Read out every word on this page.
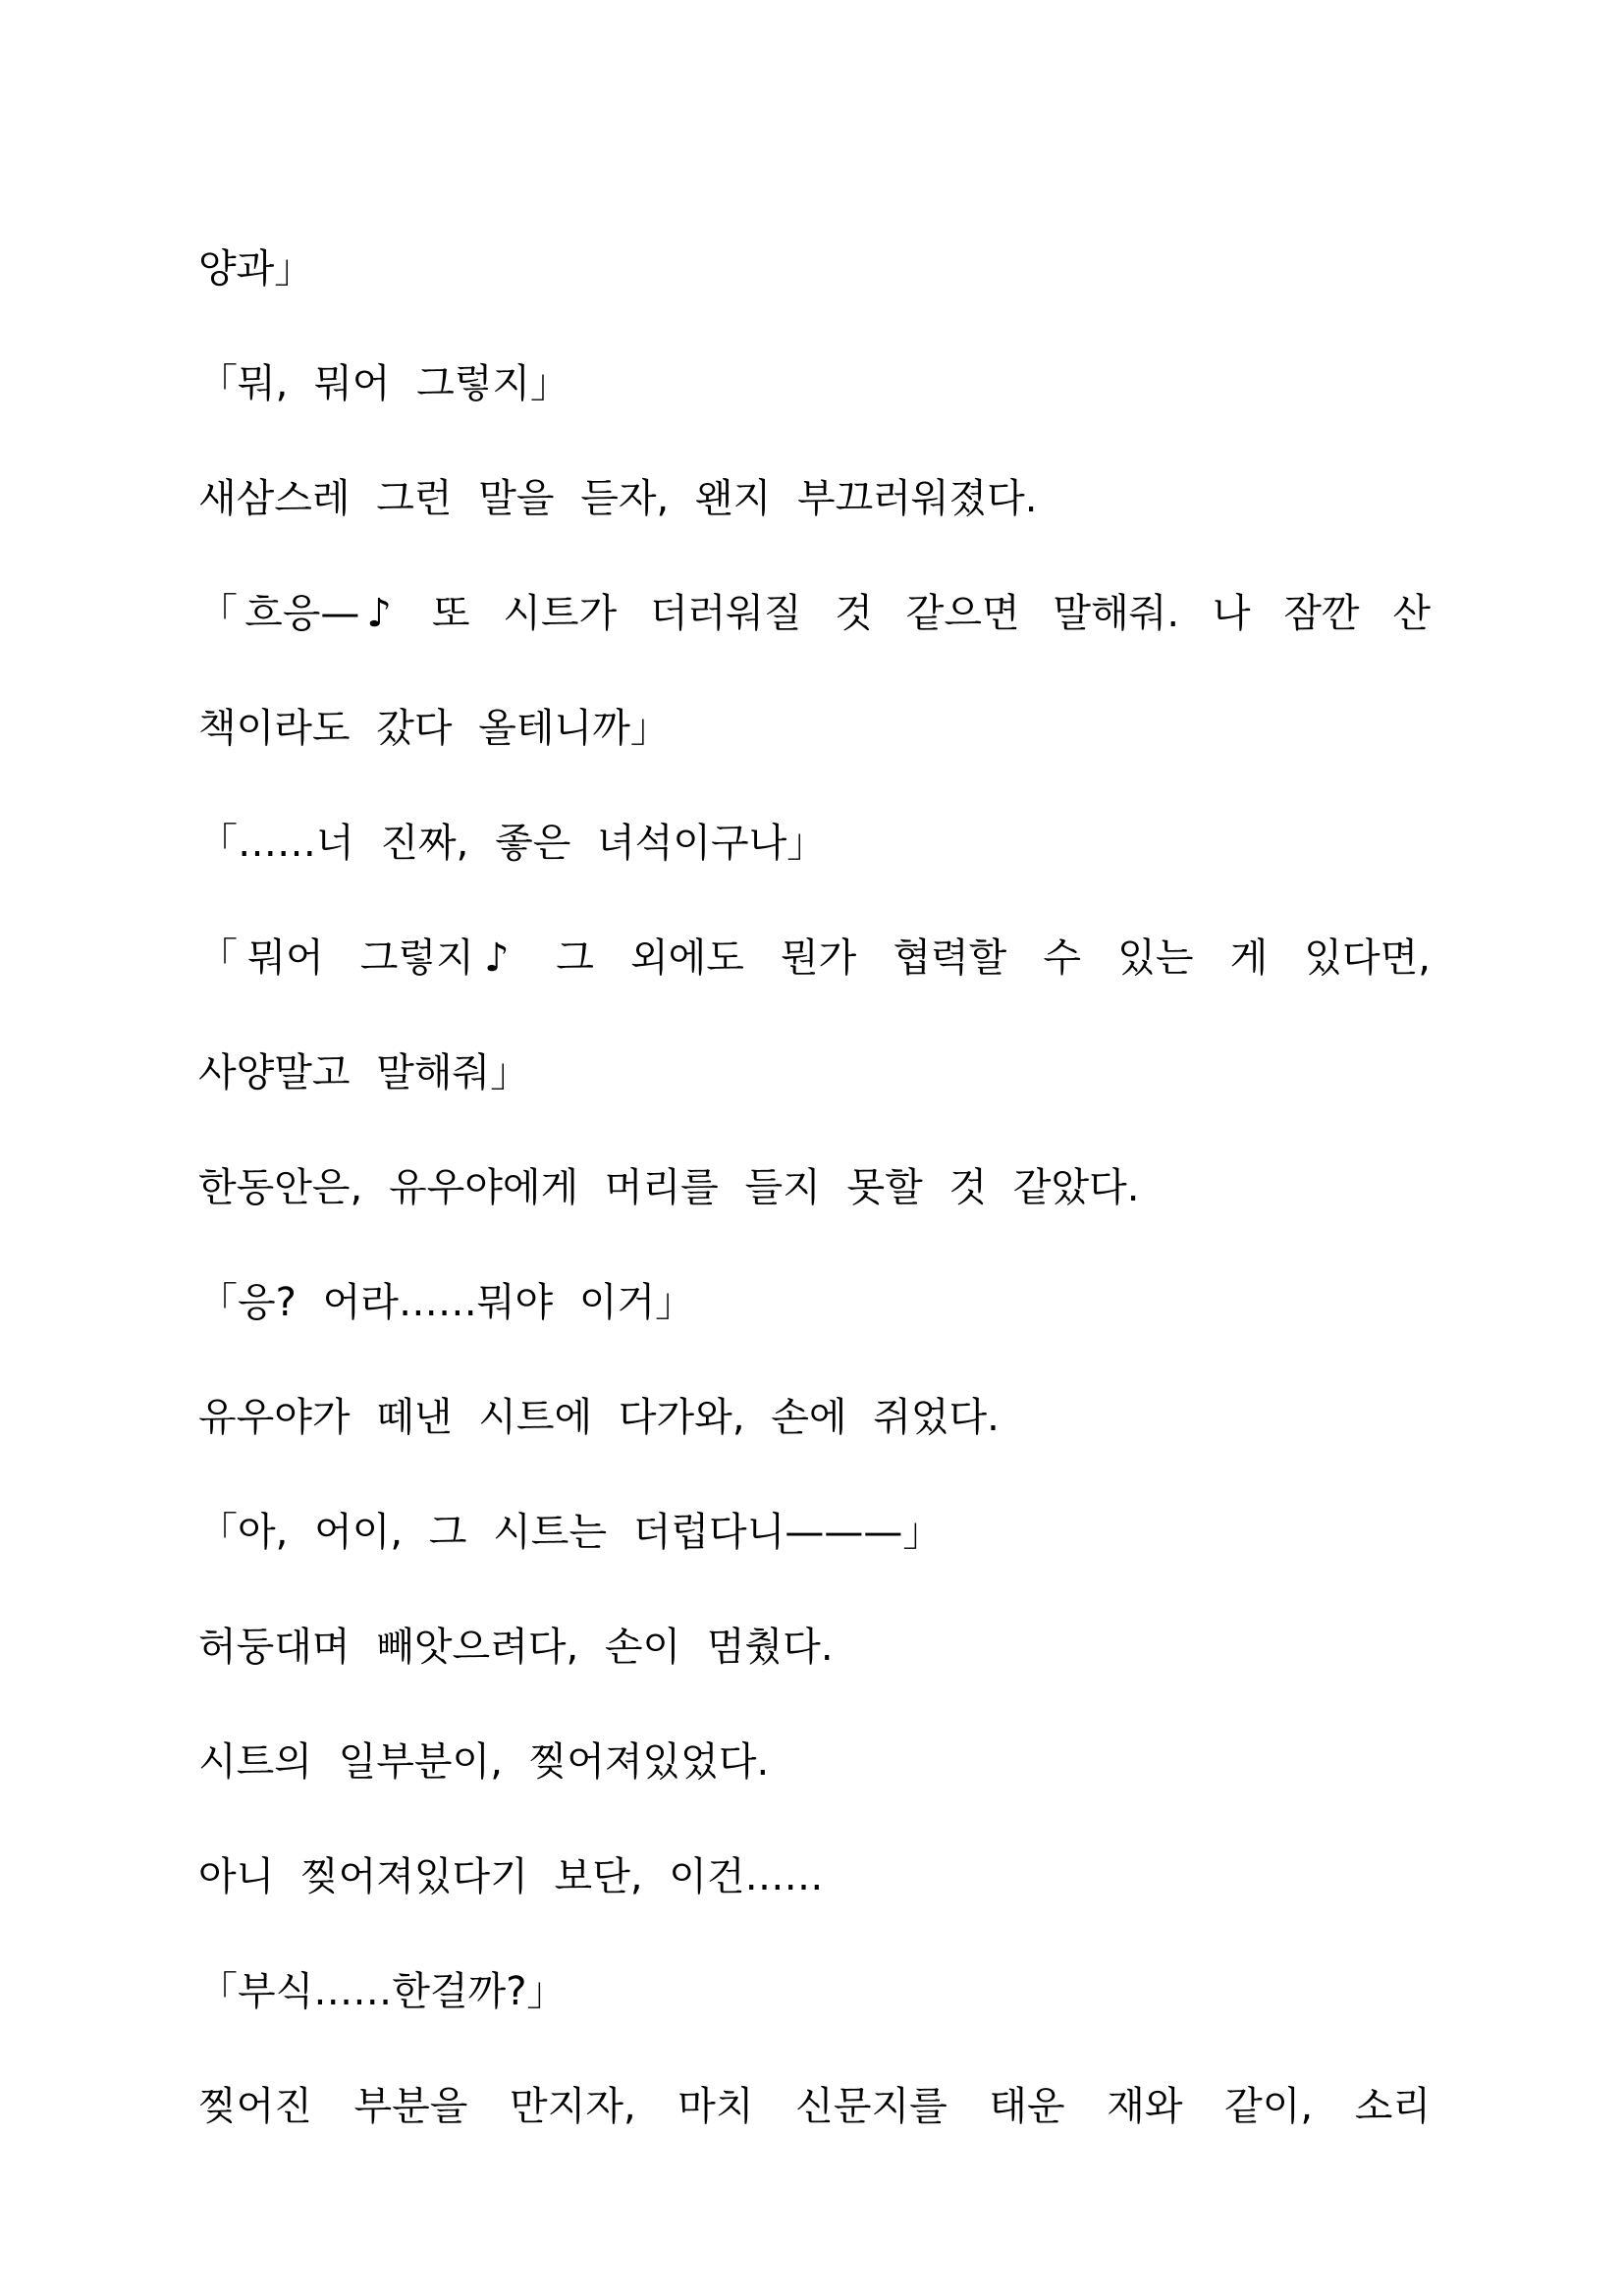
양과」

「뭐, 뭐어 그렇지」

새삼스레 그런 말을 듣자, 왠지 부끄러워졌다.

「흐응—♪ 또 시트가 더러워질 것 같으면 말해줘. 나 잠깐 산

책이라도 갔다 올테니까」

「……너 진짜, 좋은 녀석이구나」

「뭐어 그렇지♪ 그 외에도 뭔가 협력할 수 있는 게 있다면,

사양말고 말해줘」

한동안은, 유우야에게 머리를 들지 못할 것 같았다.

「응? 어라……뭐야 이거」

유우야가 떼낸 시트에 다가와, 손에 쥐었다.

「아, 어이, 그 시트는 더럽다니———」

허둥대며 빼앗으려다, 손이 멈췄다.

시트의 일부분이, 찢어져있었다.

아니 찢어져있다기 보단, 이건……

「부식……한걸까?」

찢어진 부분을 만지자, 마치 신문지를 태운 재와 같이, 소리
